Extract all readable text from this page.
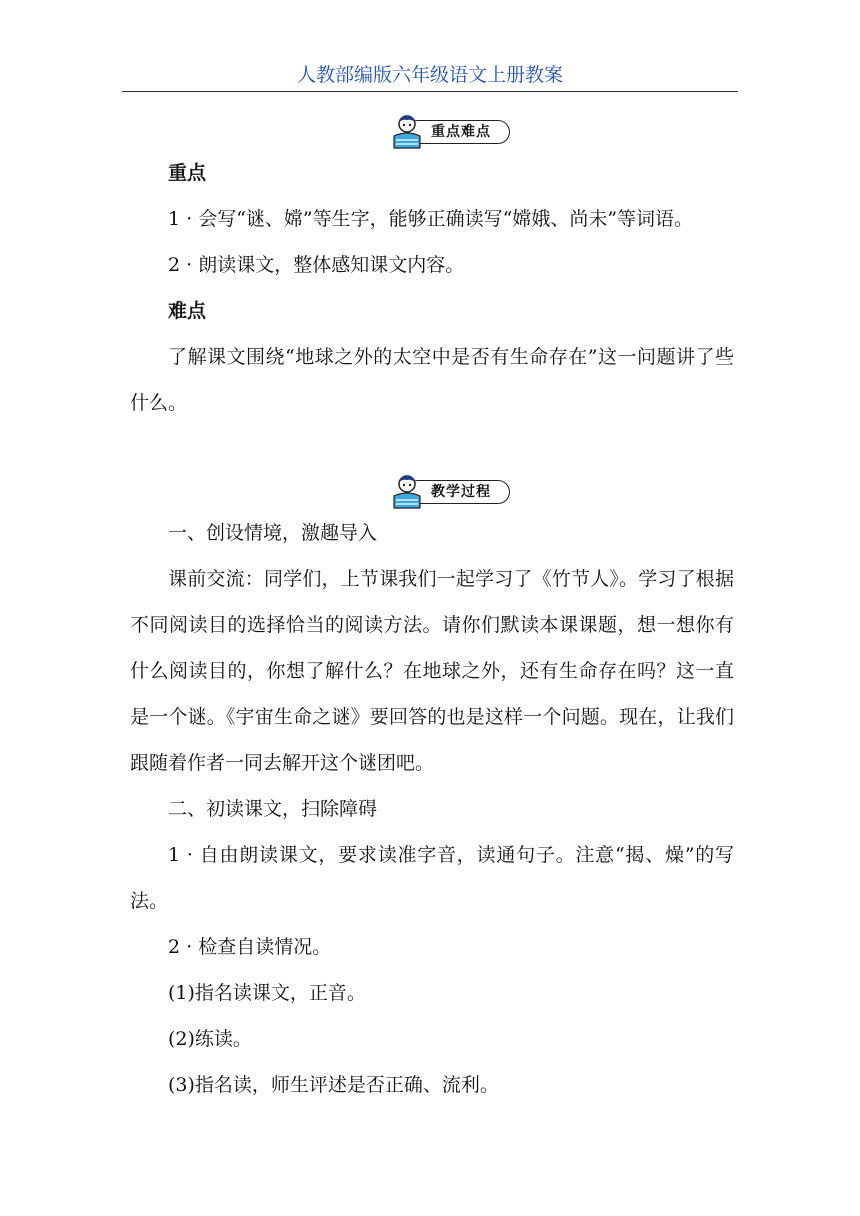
人教部编版六年级语文上册教案
重点难点

重点

1 · 会写“谜、嫦”等生字，能够正确读写“嫦娥、尚未”等词语。

2 · 朗读课文，整体感知课文内容。

难点

了解课文围绕“地球之外的太空中是否有生命存在”这一问题讲了些什么。

教学过程

一、创设情境，激趣导入

课前交流：同学们，上节课我们一起学习了《竹节人》。学习了根据不同阅读目的选择恰当的阅读方法。请你们默读本课课题，想一想你有什么阅读目的，你想了解什么？在地球之外，还有生命存在吗？这一直是一个谜。《宇宙生命之谜》要回答的也是这样一个问题。现在，让我们跟随着作者一同去解开这个谜团吧。

二、初读课文，扫除障碍

1 · 自由朗读课文，要求读准字音，读通句子。注意“揭、燥”的写法。

2 · 检查自读情况。

(1)指名读课文，正音。

(2)练读。

(3)指名读，师生评述是否正确、流利。
